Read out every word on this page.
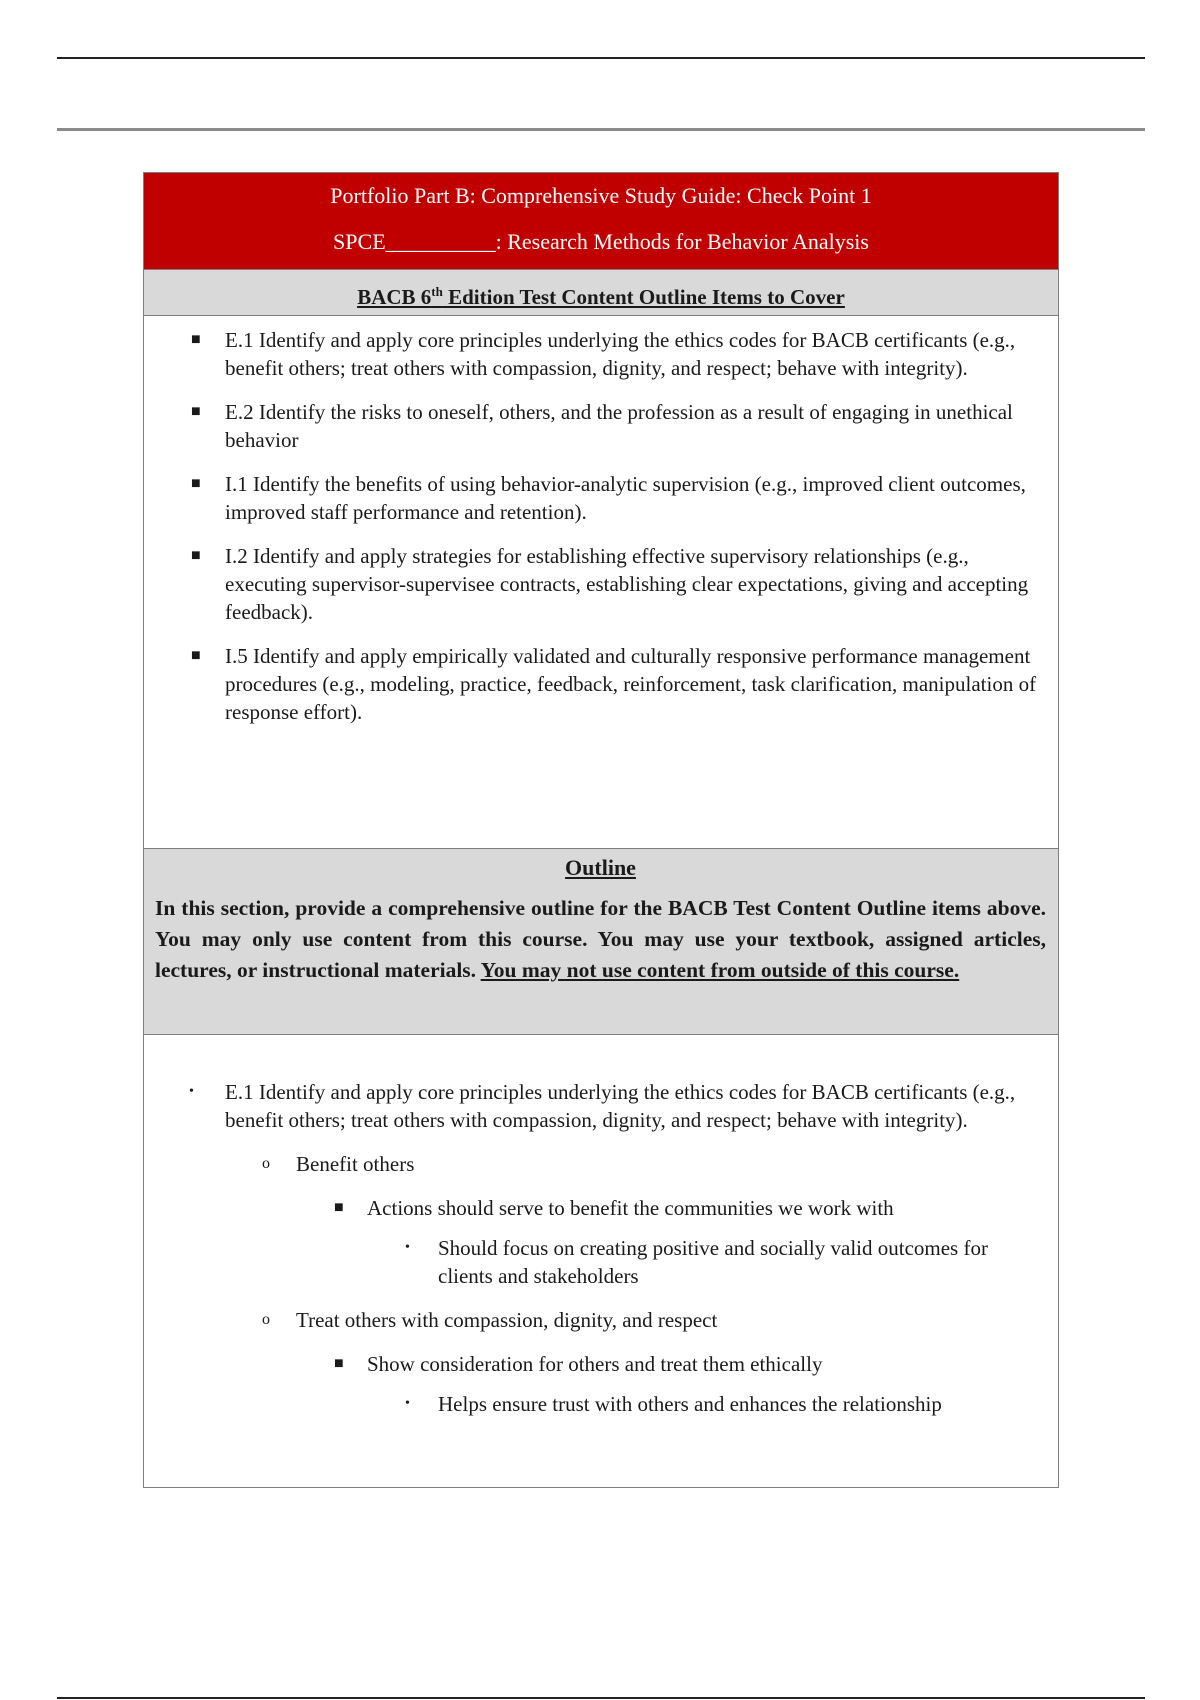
Portfolio Part B: Comprehensive Study Guide: Check Point 1
SPCE__________: Research Methods for Behavior Analysis
BACB 6th Edition Test Content Outline Items to Cover
■ E.1 Identify and apply core principles underlying the ethics codes for BACB certificants (e.g., benefit others; treat others with compassion, dignity, and respect; behave with integrity).
■ E.2 Identify the risks to oneself, others, and the profession as a result of engaging in unethical behavior
■ I.1 Identify the benefits of using behavior-analytic supervision (e.g., improved client outcomes, improved staff performance and retention).
■ I.2 Identify and apply strategies for establishing effective supervisory relationships (e.g., executing supervisor-supervisee contracts, establishing clear expectations, giving and accepting feedback).
■ I.5 Identify and apply empirically validated and culturally responsive performance management procedures (e.g., modeling, practice, feedback, reinforcement, task clarification, manipulation of response effort).
Outline
In this section, provide a comprehensive outline for the BACB Test Content Outline items above. You may only use content from this course. You may use your textbook, assigned articles, lectures, or instructional materials. You may not use content from outside of this course.
• E.1 Identify and apply core principles underlying the ethics codes for BACB certificants (e.g., benefit others; treat others with compassion, dignity, and respect; behave with integrity).
o Benefit others
■ Actions should serve to benefit the communities we work with
• Should focus on creating positive and socially valid outcomes for clients and stakeholders
o Treat others with compassion, dignity, and respect
■ Show consideration for others and treat them ethically
• Helps ensure trust with others and enhances the relationship
